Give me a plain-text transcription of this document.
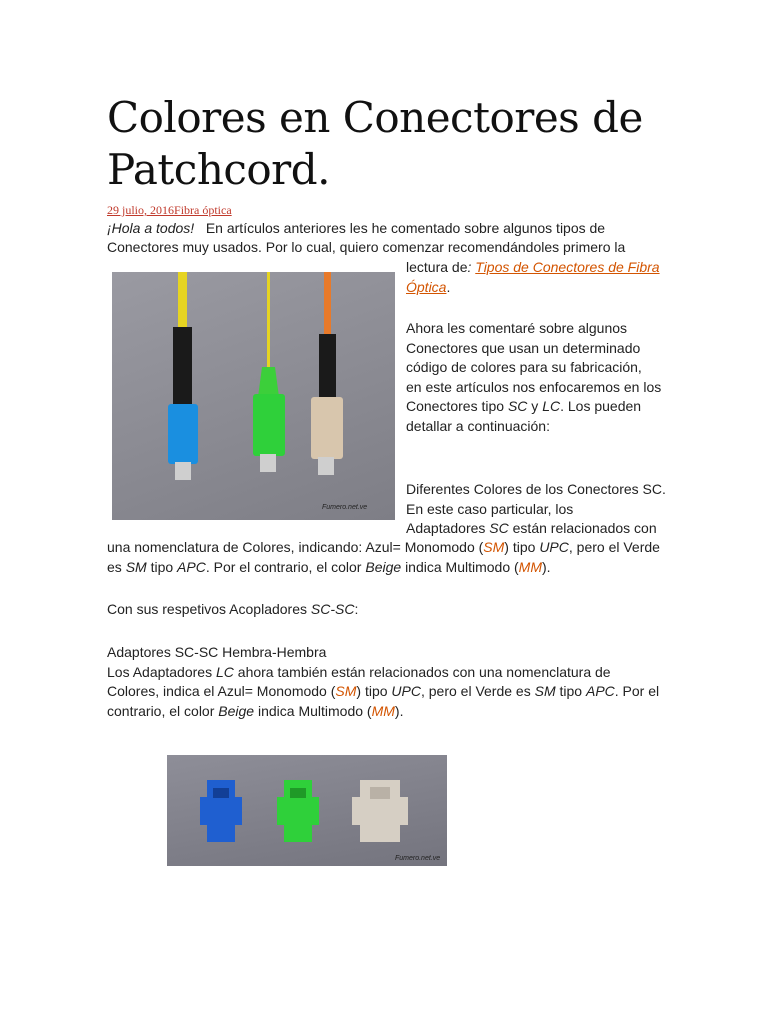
Colores en Conectores de Patchcord.
29 julio, 2016Fibra óptica
¡Hola a todos! En artículos anteriores les he comentado sobre algunos tipos de
Conectores muy usados. Por lo cual, quiero comenzar recomendándoles primero la
lectura de: Tipos de Conectores de Fibra
Óptica.
Fumero.net.ve
Ahora les comentaré sobre algunos
Conectores que usan un determinado
código de colores para su fabricación,
en este artículos nos enfocaremos en los
Conectores tipo SC y LC. Los pueden
detallar a continuación:
Diferentes Colores de los Conectores SC.
En este caso particular, los
Adaptadores SC están relacionados con
una nomenclatura de Colores, indicando: Azul= Monomodo (SM) tipo UPC, pero el Verde
es SM tipo APC. Por el contrario, el color Beige indica Multimodo (MM).
Con sus respetivos Acopladores SC-SC:
Adaptores SC-SC Hembra-Hembra
Los Adaptadores LC ahora también están relacionados con una nomenclatura de
Colores, indica el Azul= Monomodo (SM) tipo UPC, pero el Verde es SM tipo APC. Por el
contrario, el color Beige indica Multimodo (MM).
Fumero.net.ve
